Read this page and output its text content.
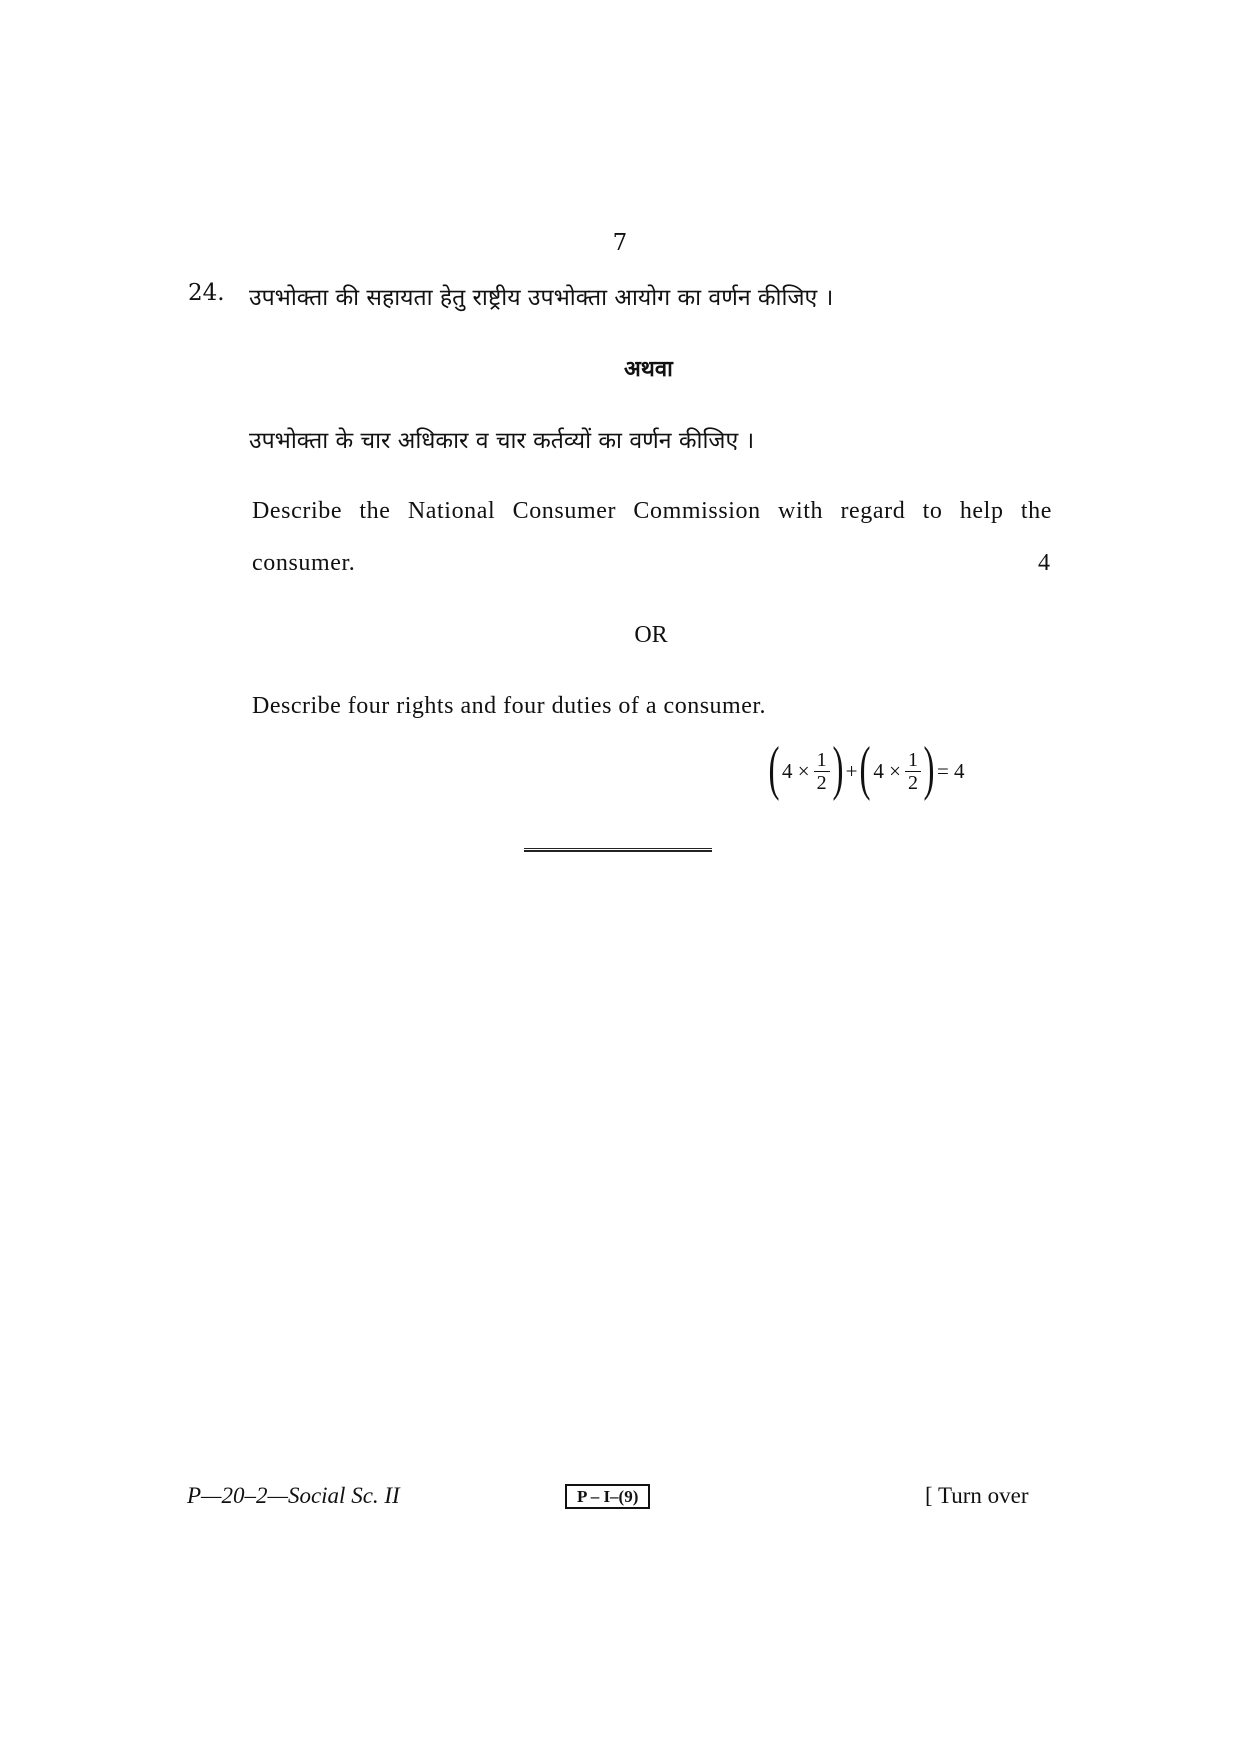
7
24. उपभोक्ता की सहायता हेतु राष्ट्रीय उपभोक्ता आयोग का वर्णन कीजिए ।
अथवा
उपभोक्ता के चार अधिकार व चार कर्तव्यों का वर्णन कीजिए ।
Describe the National Consumer Commission with regard to help the
consumer.	4
OR
Describe four rights and four duties of a consumer.
( $4 \times \frac{1}{2}$ ) + ( $4 \times \frac{1}{2}$ ) = 4
P—20–2—Social Sc. II	P – I–(9)	[ Turn over
